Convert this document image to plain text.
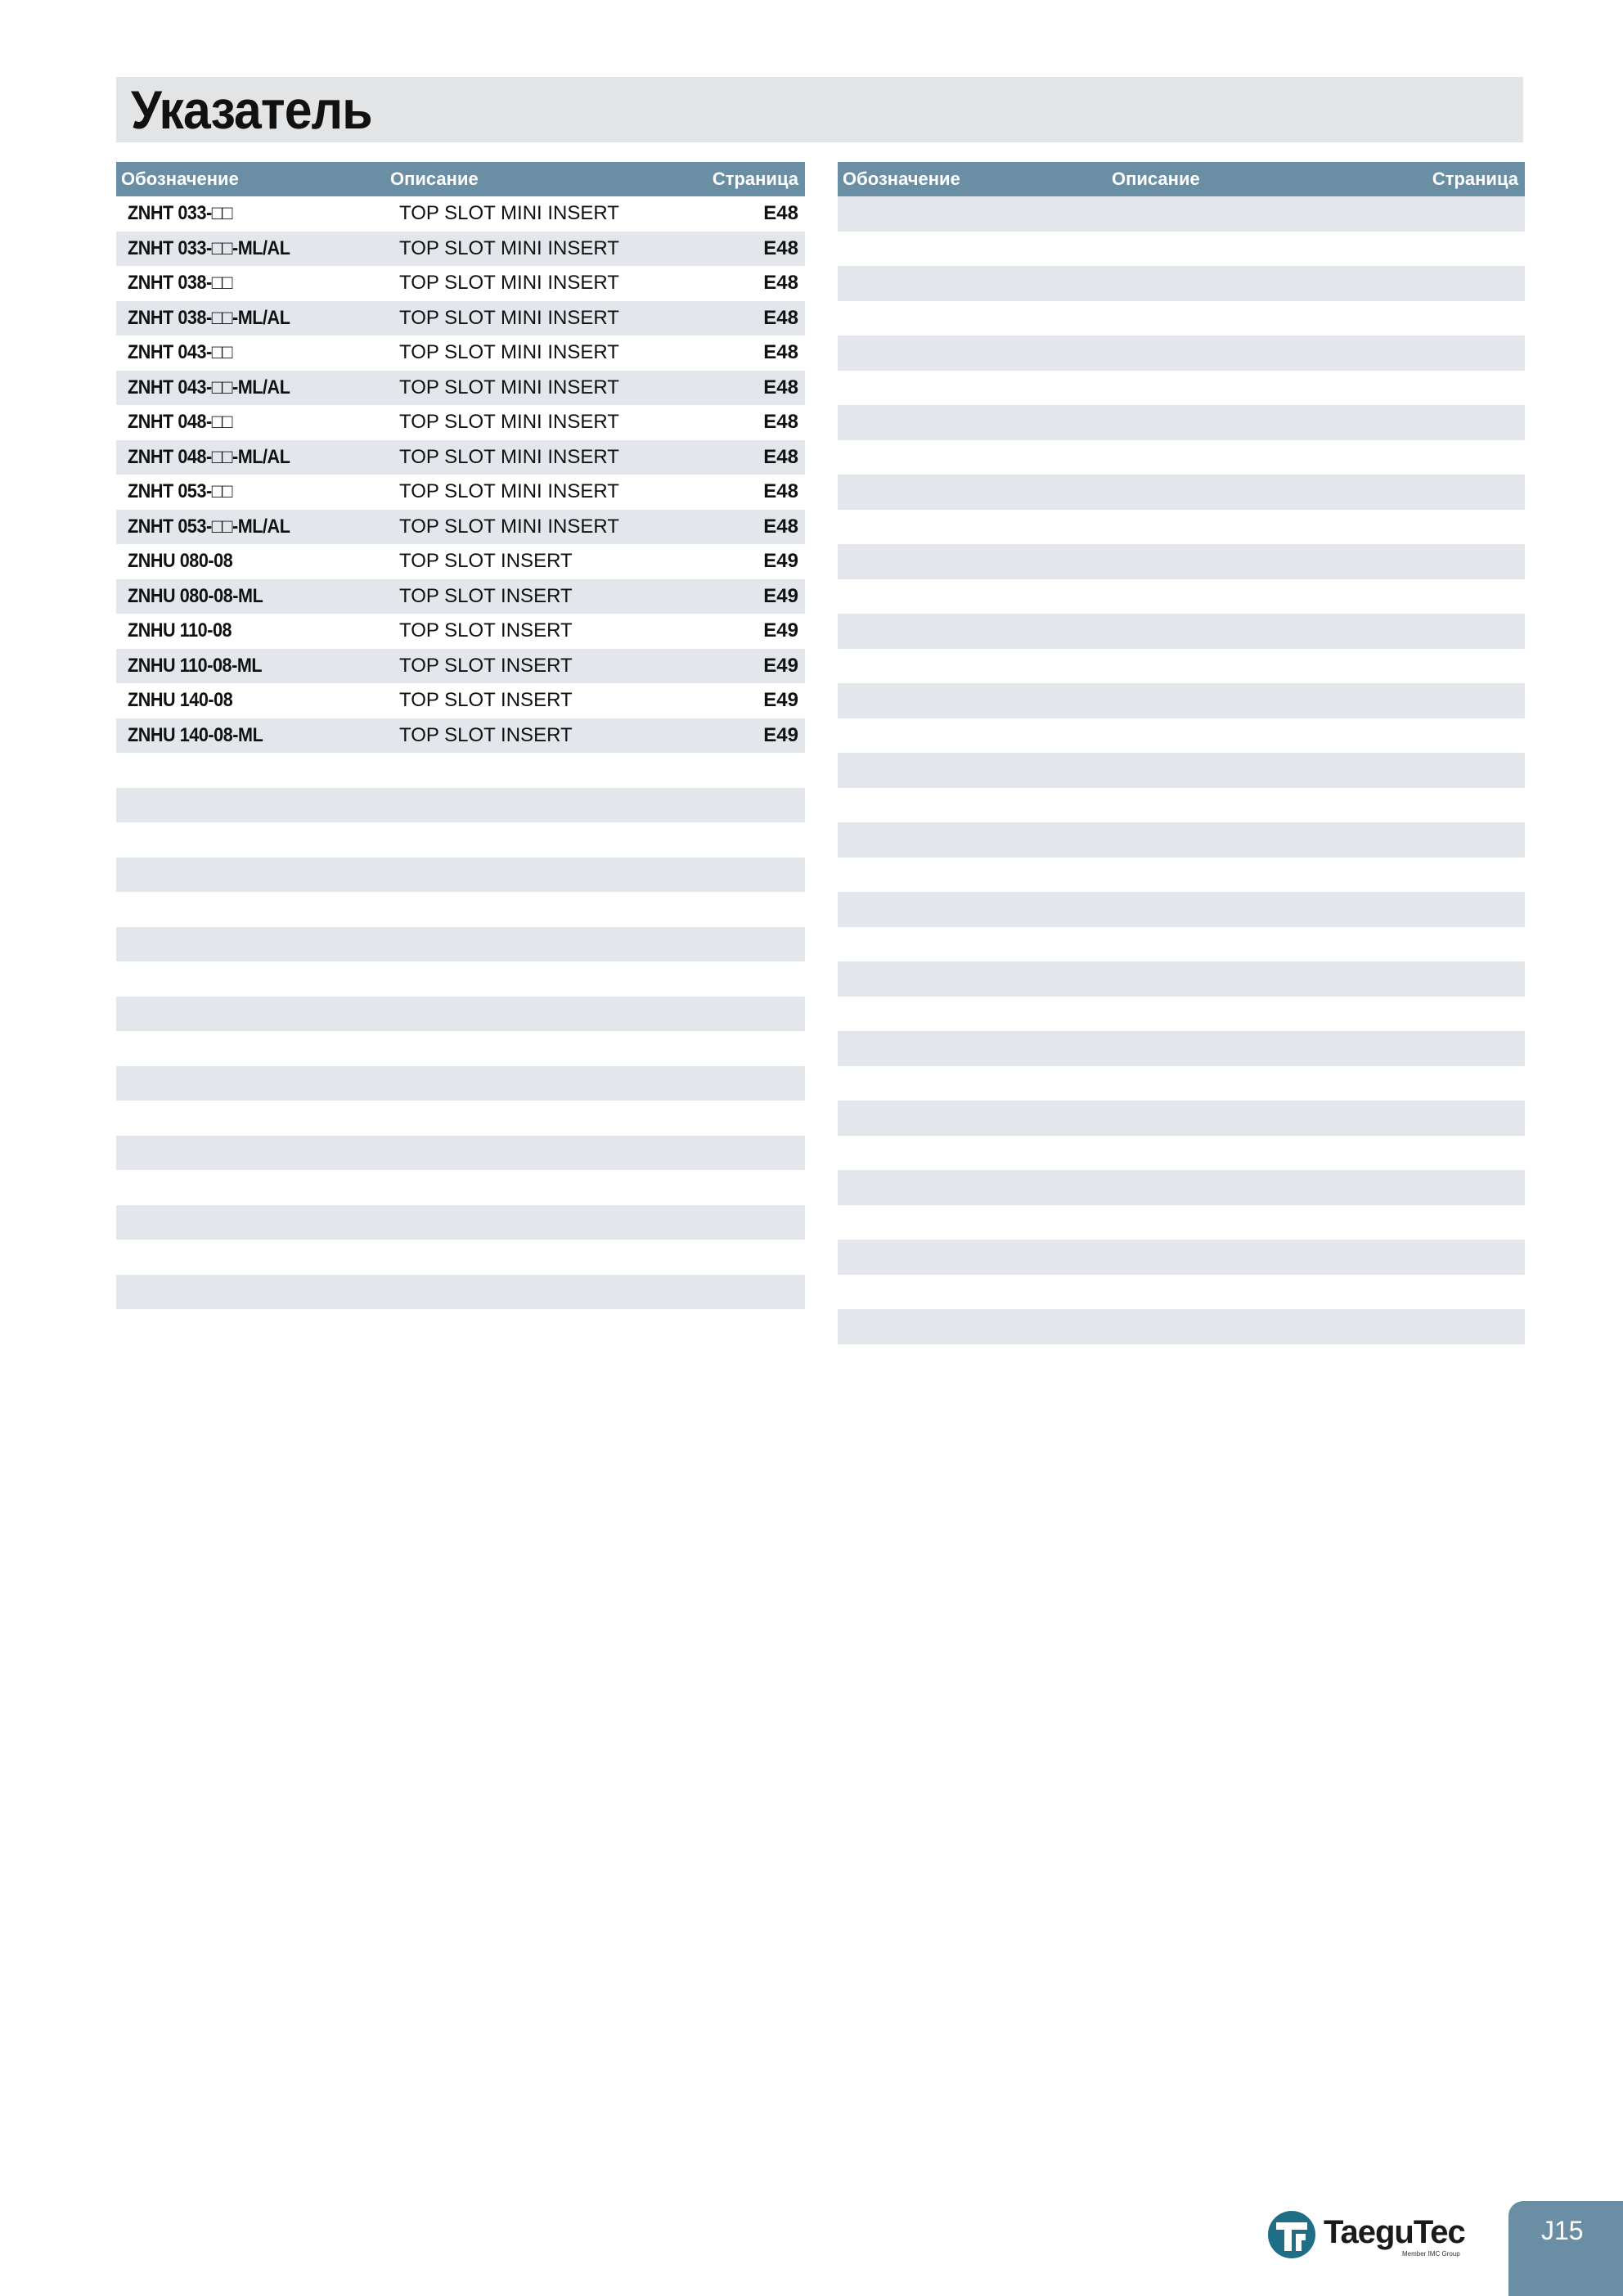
Указатель
Обозначение	Описание	Страница
ZNHT 033-□□	TOP SLOT MINI INSERT	E48
ZNHT 033-□□-ML/AL	TOP SLOT MINI INSERT	E48
ZNHT 038-□□	TOP SLOT MINI INSERT	E48
ZNHT 038-□□-ML/AL	TOP SLOT MINI INSERT	E48
ZNHT 043-□□	TOP SLOT MINI INSERT	E48
ZNHT 043-□□-ML/AL	TOP SLOT MINI INSERT	E48
ZNHT 048-□□	TOP SLOT MINI INSERT	E48
ZNHT 048-□□-ML/AL	TOP SLOT MINI INSERT	E48
ZNHT 053-□□	TOP SLOT MINI INSERT	E48
ZNHT 053-□□-ML/AL	TOP SLOT MINI INSERT	E48
ZNHU 080-08	TOP SLOT INSERT	E49
ZNHU 080-08-ML	TOP SLOT INSERT	E49
ZNHU 110-08	TOP SLOT INSERT	E49
ZNHU 110-08-ML	TOP SLOT INSERT	E49
ZNHU 140-08	TOP SLOT INSERT	E49
ZNHU 140-08-ML	TOP SLOT INSERT	E49
Обозначение	Описание	Страница
TaeguTec
Member IMC Group
J15
